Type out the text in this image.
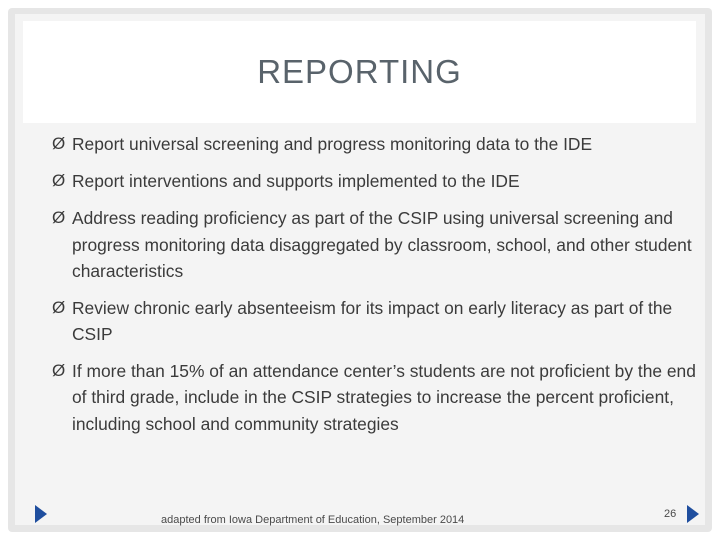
REPORTING
Ø Report universal screening and progress monitoring data to the IDE
Ø Report interventions and supports implemented to the IDE
Ø Address reading proficiency as part of the CSIP using universal screening and progress monitoring data disaggregated by classroom, school, and other student characteristics
Ø Review chronic early absenteeism for its impact on early literacy as part of the CSIP
Ø If more than 15% of an attendance center’s students are not proficient by the end of third grade, include in the CSIP strategies to increase the percent proficient, including school and community strategies
adapted from Iowa Department of Education, September 2014	26
